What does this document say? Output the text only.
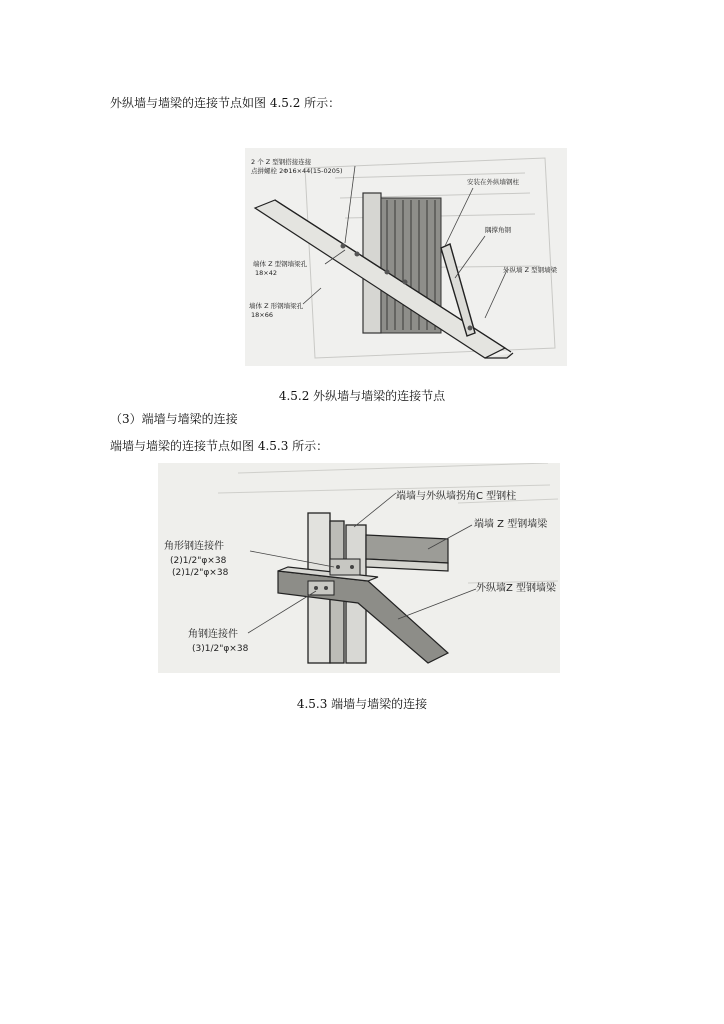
外纵墙与墙梁的连接节点如图 4.5.2 所示：
2 个 Z 型钢搭接连接
点拼螺栓 2Φ16×44(15-0205)
安装在外纵墙钢柱
隅撑角钢
外纵墙 Z 型钢墙梁
端体 Z 型钢墙梁孔
18×42
墙体 Z 形钢墙梁孔
18×66
4.5.2 外纵墙与墙梁的连接节点
（3）端墙与墙梁的连接
端墙与墙梁的连接节点如图 4.5.3 所示：
端墙与外纵墙拐角C 型钢柱
端墙 Z 型钢墙梁
外纵墙Z 型钢墙梁
角形钢连接件
(2)1/2"φ×38
(2)1/2"φ×38
角钢连接件
(3)1/2"φ×38
4.5.3 端墙与墙梁的连接
